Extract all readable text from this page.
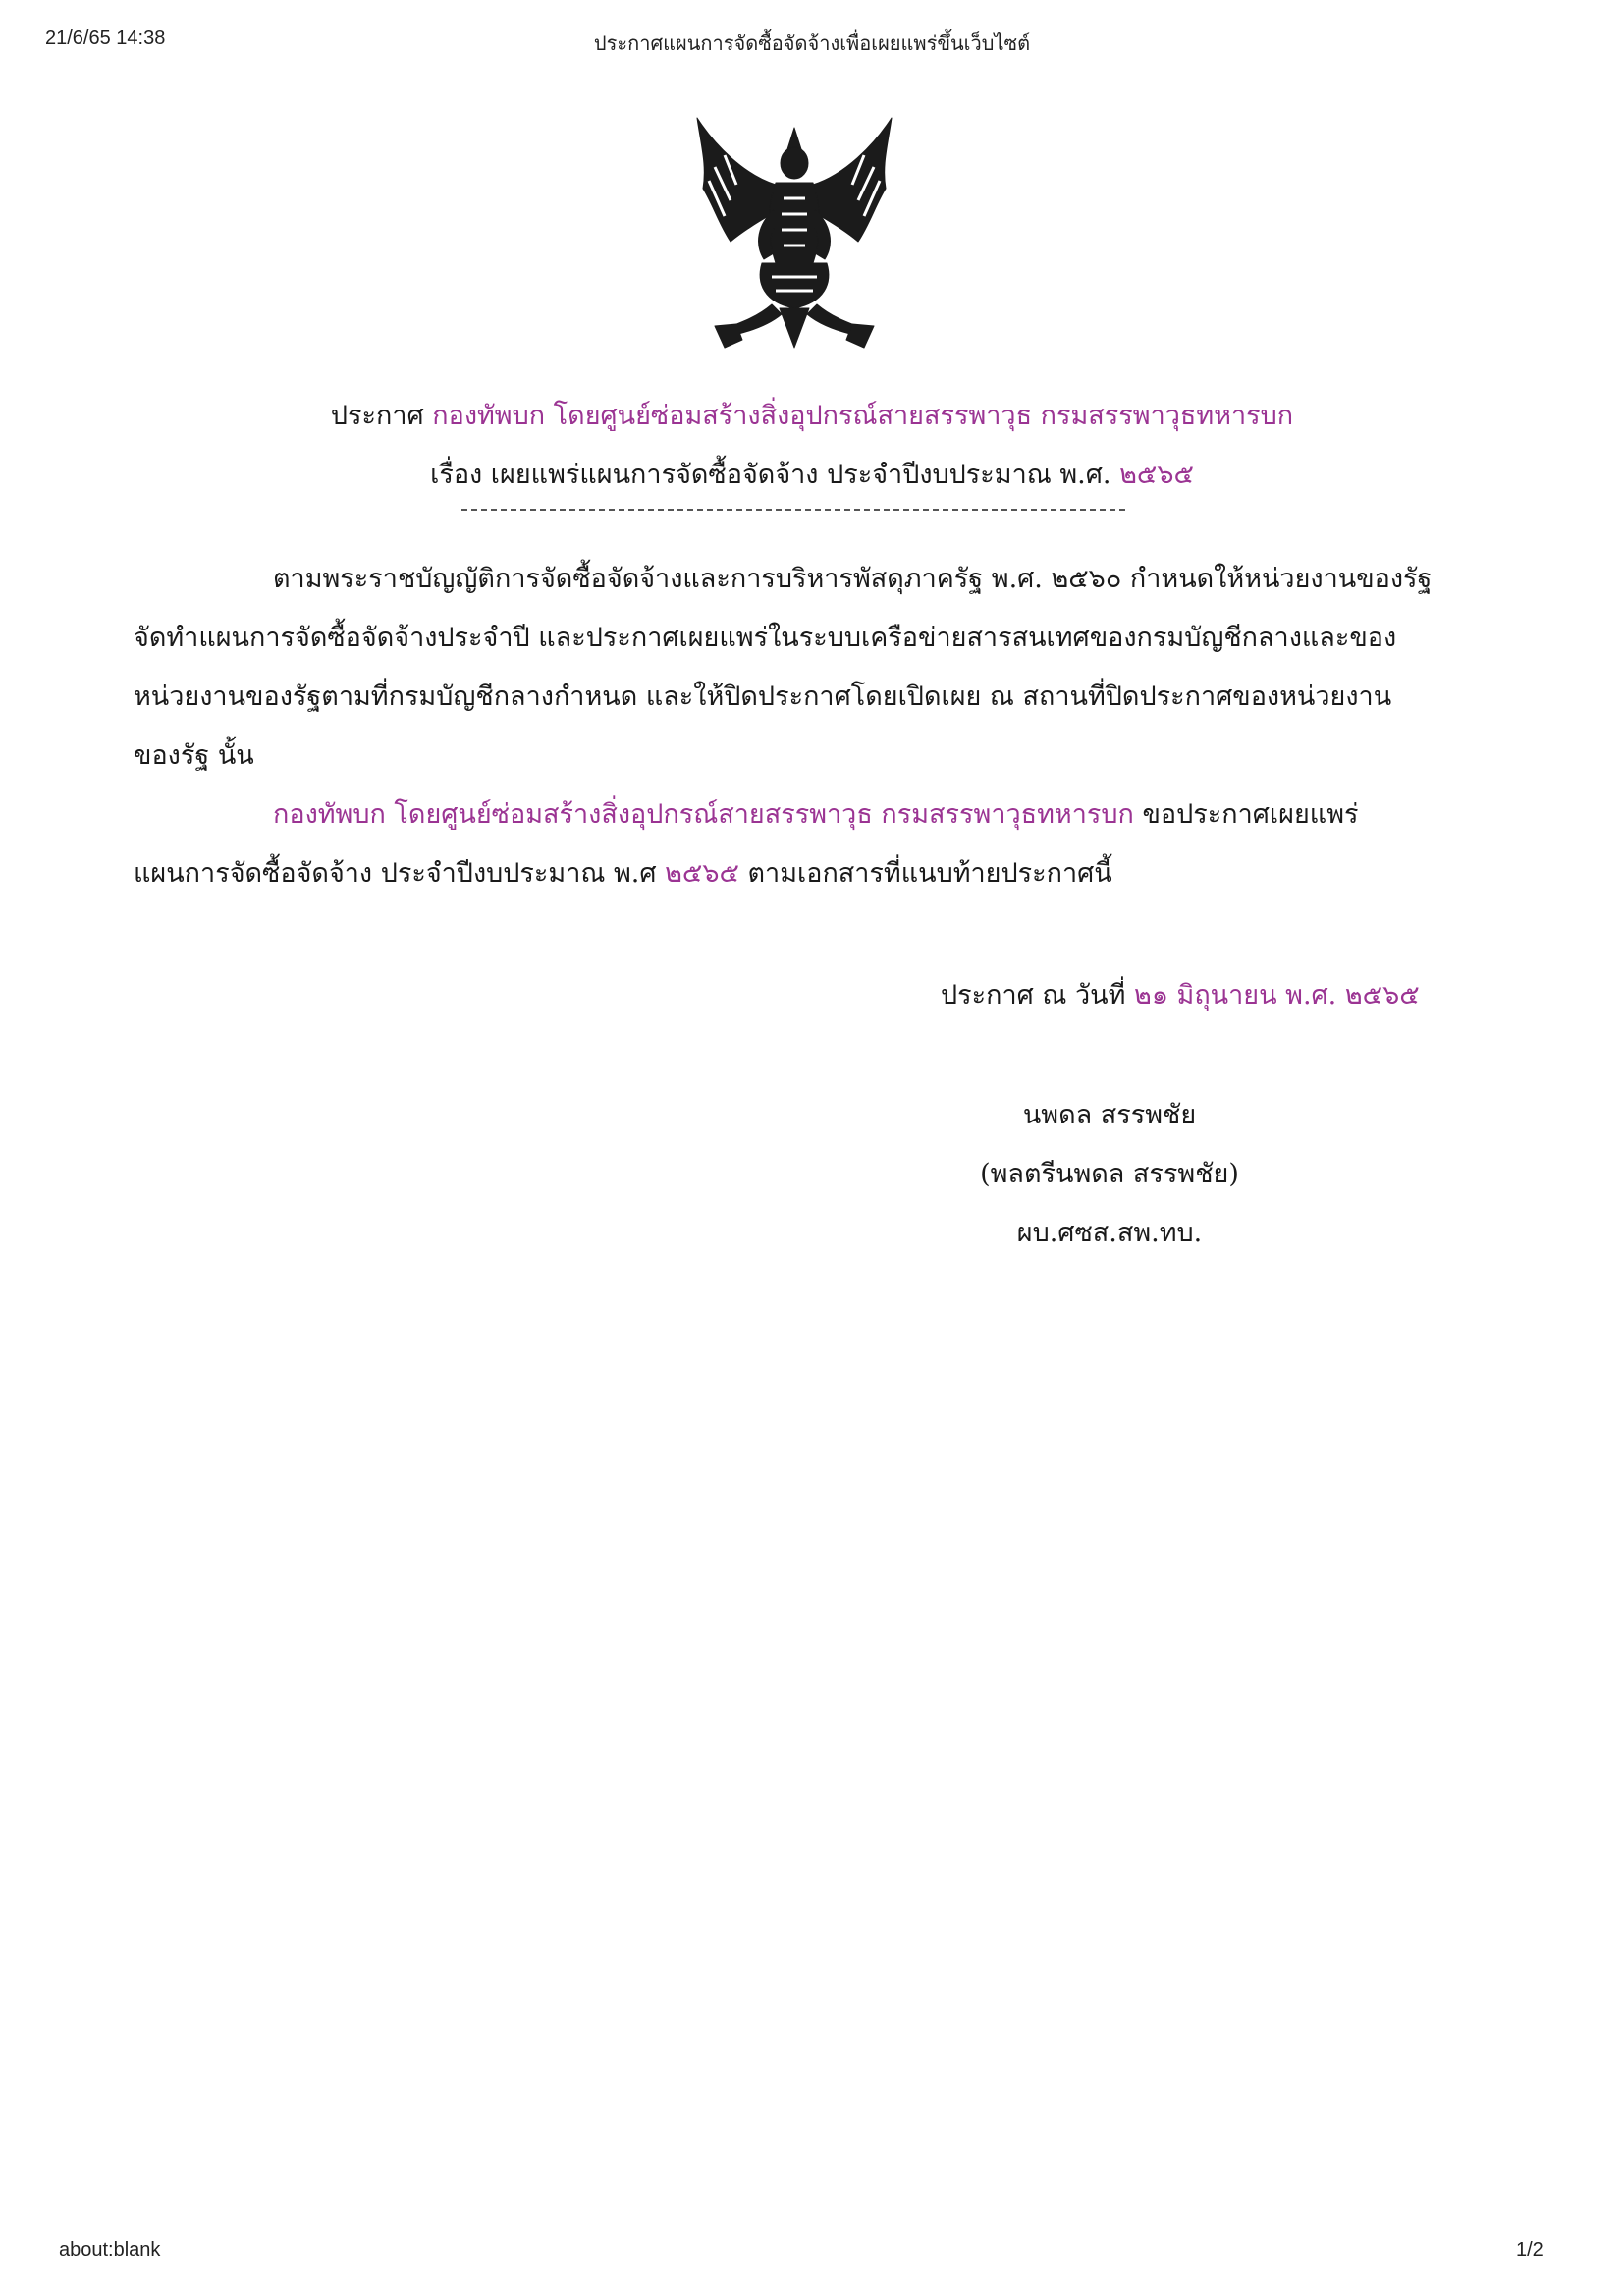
21/6/65 14:38	ประกาศแผนการจัดซื้อจัดจ้างเพื่อเผยแพร่ขึ้นเว็บไซต์
ประกาศ กองทัพบก โดยศูนย์ซ่อมสร้างสิ่งอุปกรณ์สายสรรพาวุธ กรมสรรพาวุธทหารบก
เรื่อง เผยแพร่แผนการจัดซื้อจัดจ้าง ประจำปีงบประมาณ พ.ศ. ๒๕๖๕
ตามพระราชบัญญัติการจัดซื้อจัดจ้างและการบริหารพัสดุภาครัฐ พ.ศ. ๒๕๖๐ กำหนดให้หน่วยงานของรัฐ
จัดทำแผนการจัดซื้อจัดจ้างประจำปี และประกาศเผยแพร่ในระบบเครือข่ายสารสนเทศของกรมบัญชีกลางและของ
หน่วยงานของรัฐตามที่กรมบัญชีกลางกำหนด และให้ปิดประกาศโดยเปิดเผย ณ สถานที่ปิดประกาศของหน่วยงาน
ของรัฐ นั้น
กองทัพบก โดยศูนย์ซ่อมสร้างสิ่งอุปกรณ์สายสรรพาวุธ กรมสรรพาวุธทหารบก ขอประกาศเผยแพร่
แผนการจัดซื้อจัดจ้าง ประจำปีงบประมาณ พ.ศ ๒๕๖๕ ตามเอกสารที่แนบท้ายประกาศนี้
ประกาศ ณ วันที่ ๒๑ มิถุนายน พ.ศ. ๒๕๖๕
นพดล สรรพชัย
(พลตรีนพดล สรรพชัย)
ผบ.ศซส.สพ.ทบ.
about:blank	1/2
